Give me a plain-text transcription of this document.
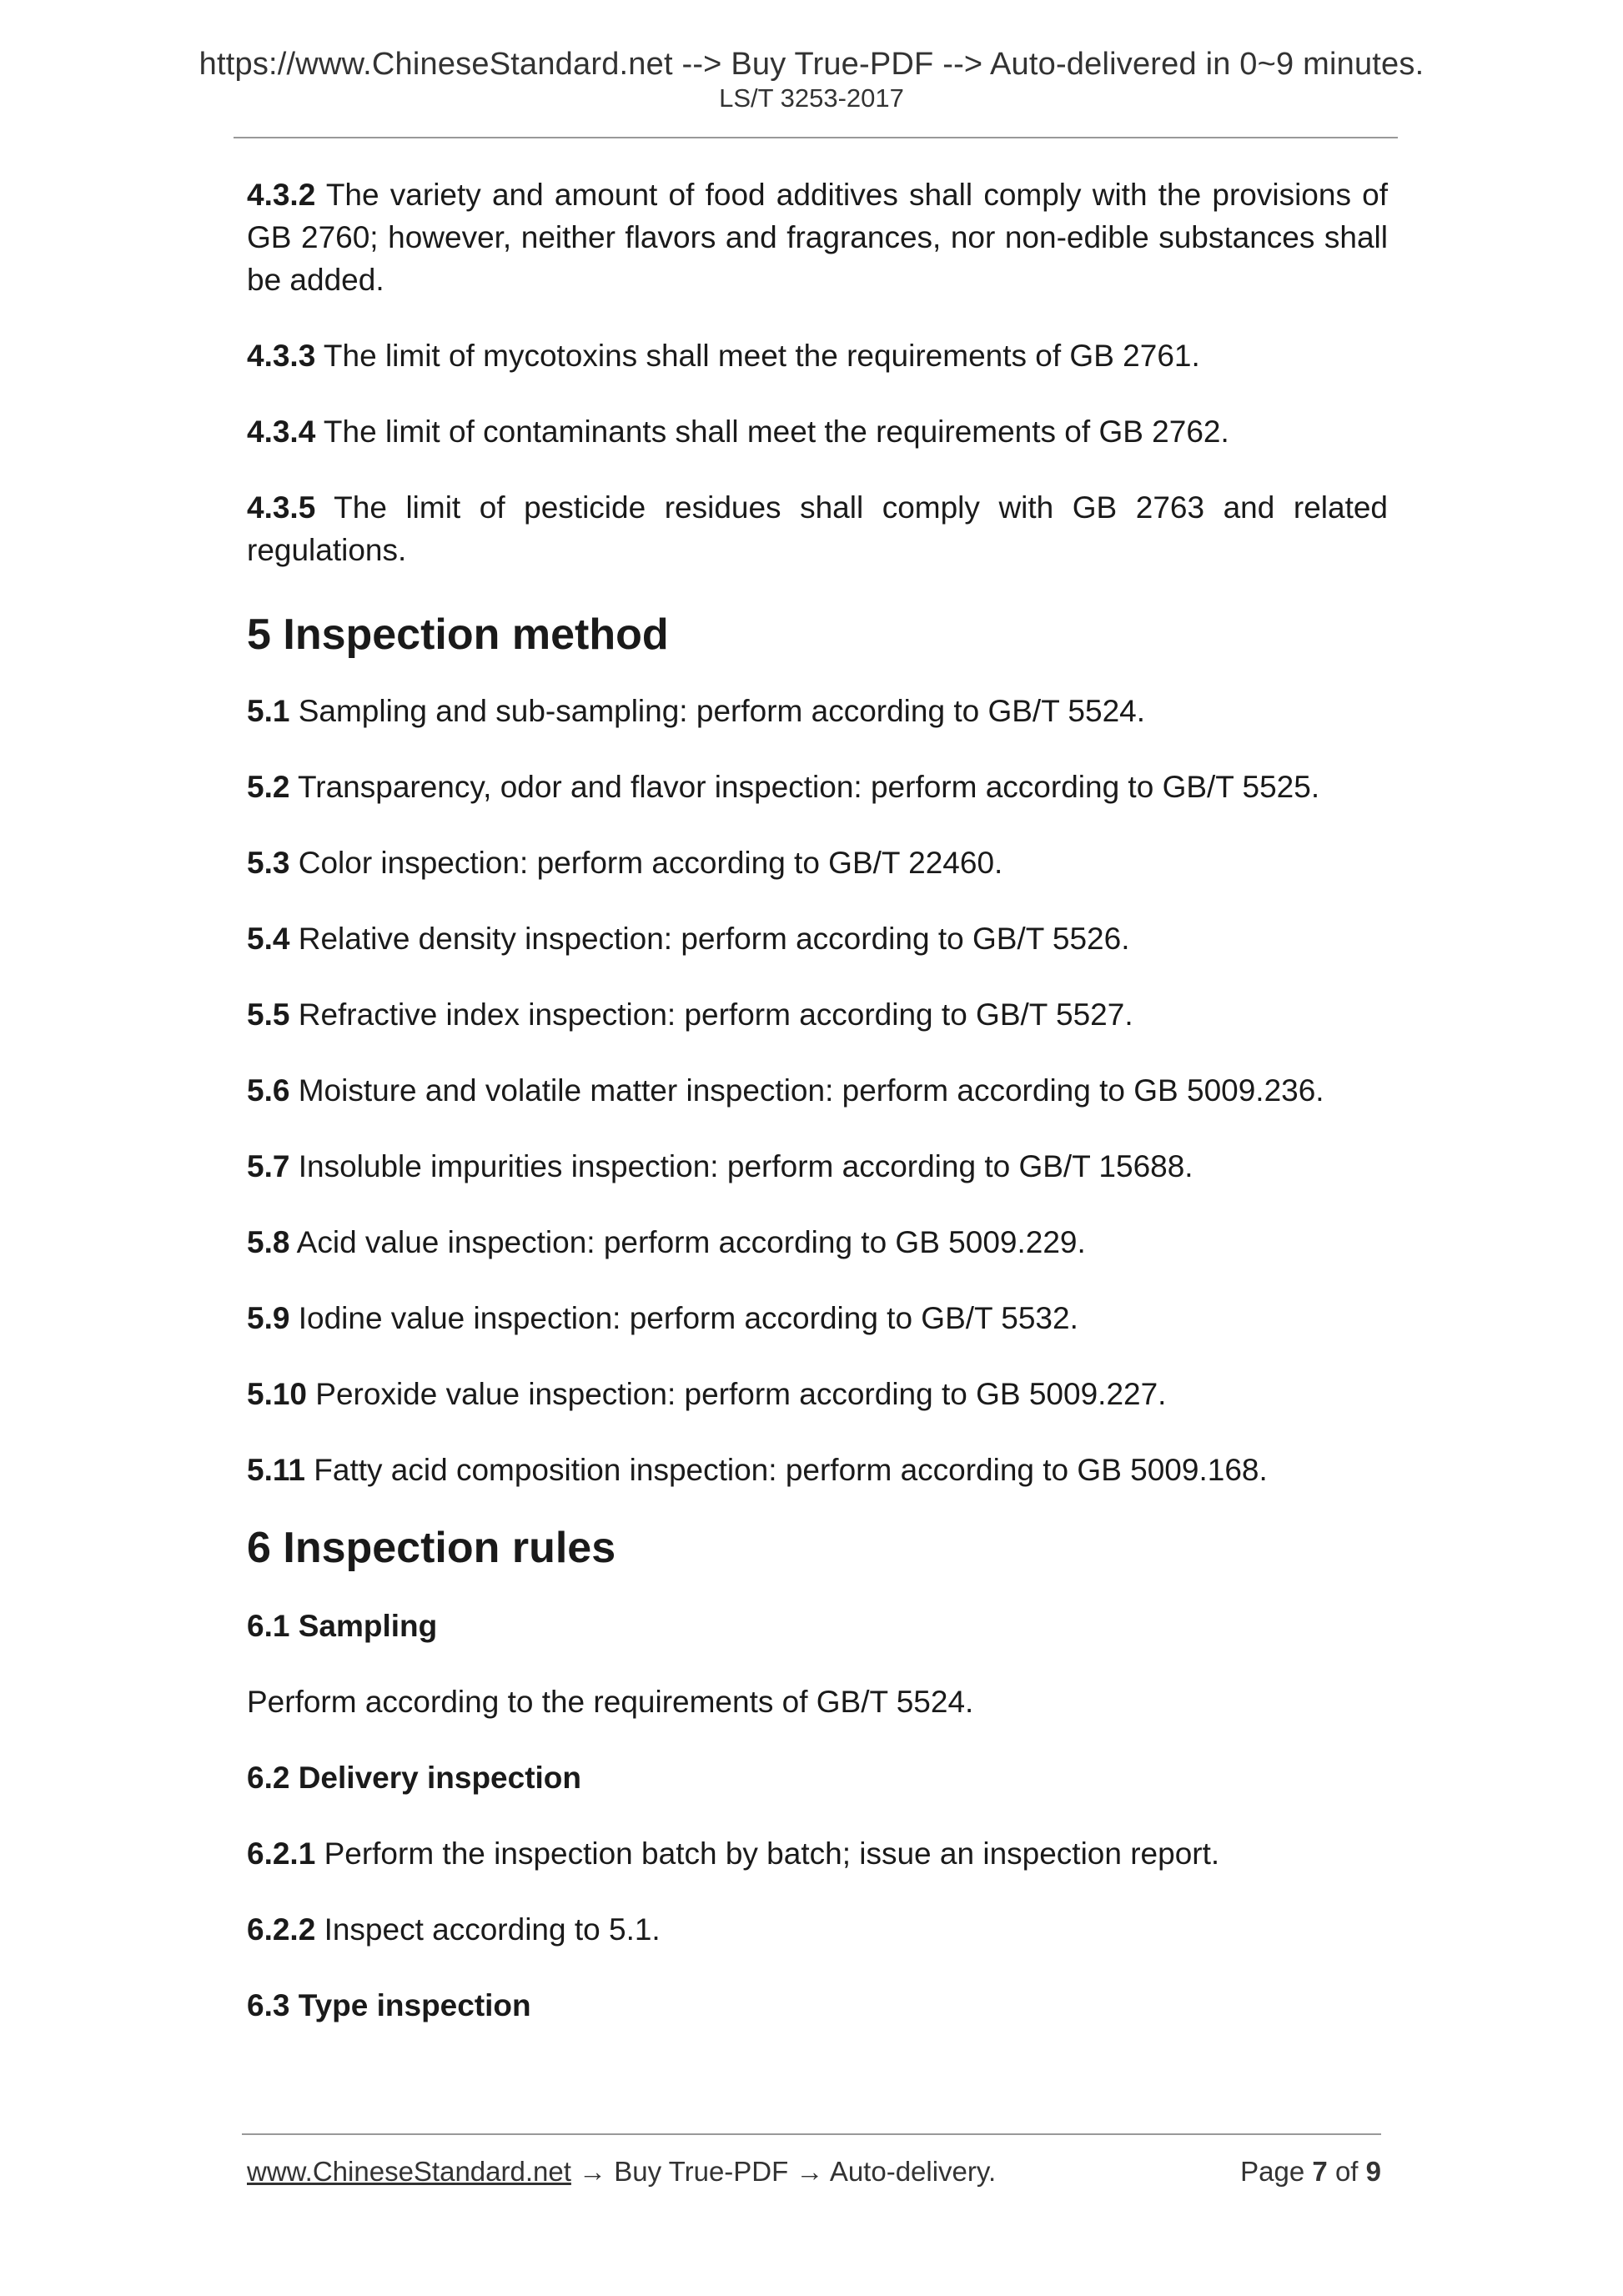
https://www.ChineseStandard.net --> Buy True-PDF --> Auto-delivered in 0~9 minutes.
LS/T 3253-2017

4.3.2 The variety and amount of food additives shall comply with the provisions of GB 2760; however, neither flavors and fragrances, nor non-edible substances shall be added.

4.3.3 The limit of mycotoxins shall meet the requirements of GB 2761.

4.3.4 The limit of contaminants shall meet the requirements of GB 2762.

4.3.5 The limit of pesticide residues shall comply with GB 2763 and related regulations.

5 Inspection method

5.1 Sampling and sub-sampling: perform according to GB/T 5524.

5.2 Transparency, odor and flavor inspection: perform according to GB/T 5525.

5.3 Color inspection: perform according to GB/T 22460.

5.4 Relative density inspection: perform according to GB/T 5526.

5.5 Refractive index inspection: perform according to GB/T 5527.

5.6 Moisture and volatile matter inspection: perform according to GB 5009.236.

5.7 Insoluble impurities inspection: perform according to GB/T 15688.

5.8 Acid value inspection: perform according to GB 5009.229.

5.9 Iodine value inspection: perform according to GB/T 5532.

5.10 Peroxide value inspection: perform according to GB 5009.227.

5.11 Fatty acid composition inspection: perform according to GB 5009.168.

6 Inspection rules

6.1 Sampling

Perform according to the requirements of GB/T 5524.

6.2 Delivery inspection

6.2.1 Perform the inspection batch by batch; issue an inspection report.

6.2.2 Inspect according to 5.1.

6.3 Type inspection

www.ChineseStandard.net → Buy True-PDF → Auto-delivery.	Page 7 of 9
